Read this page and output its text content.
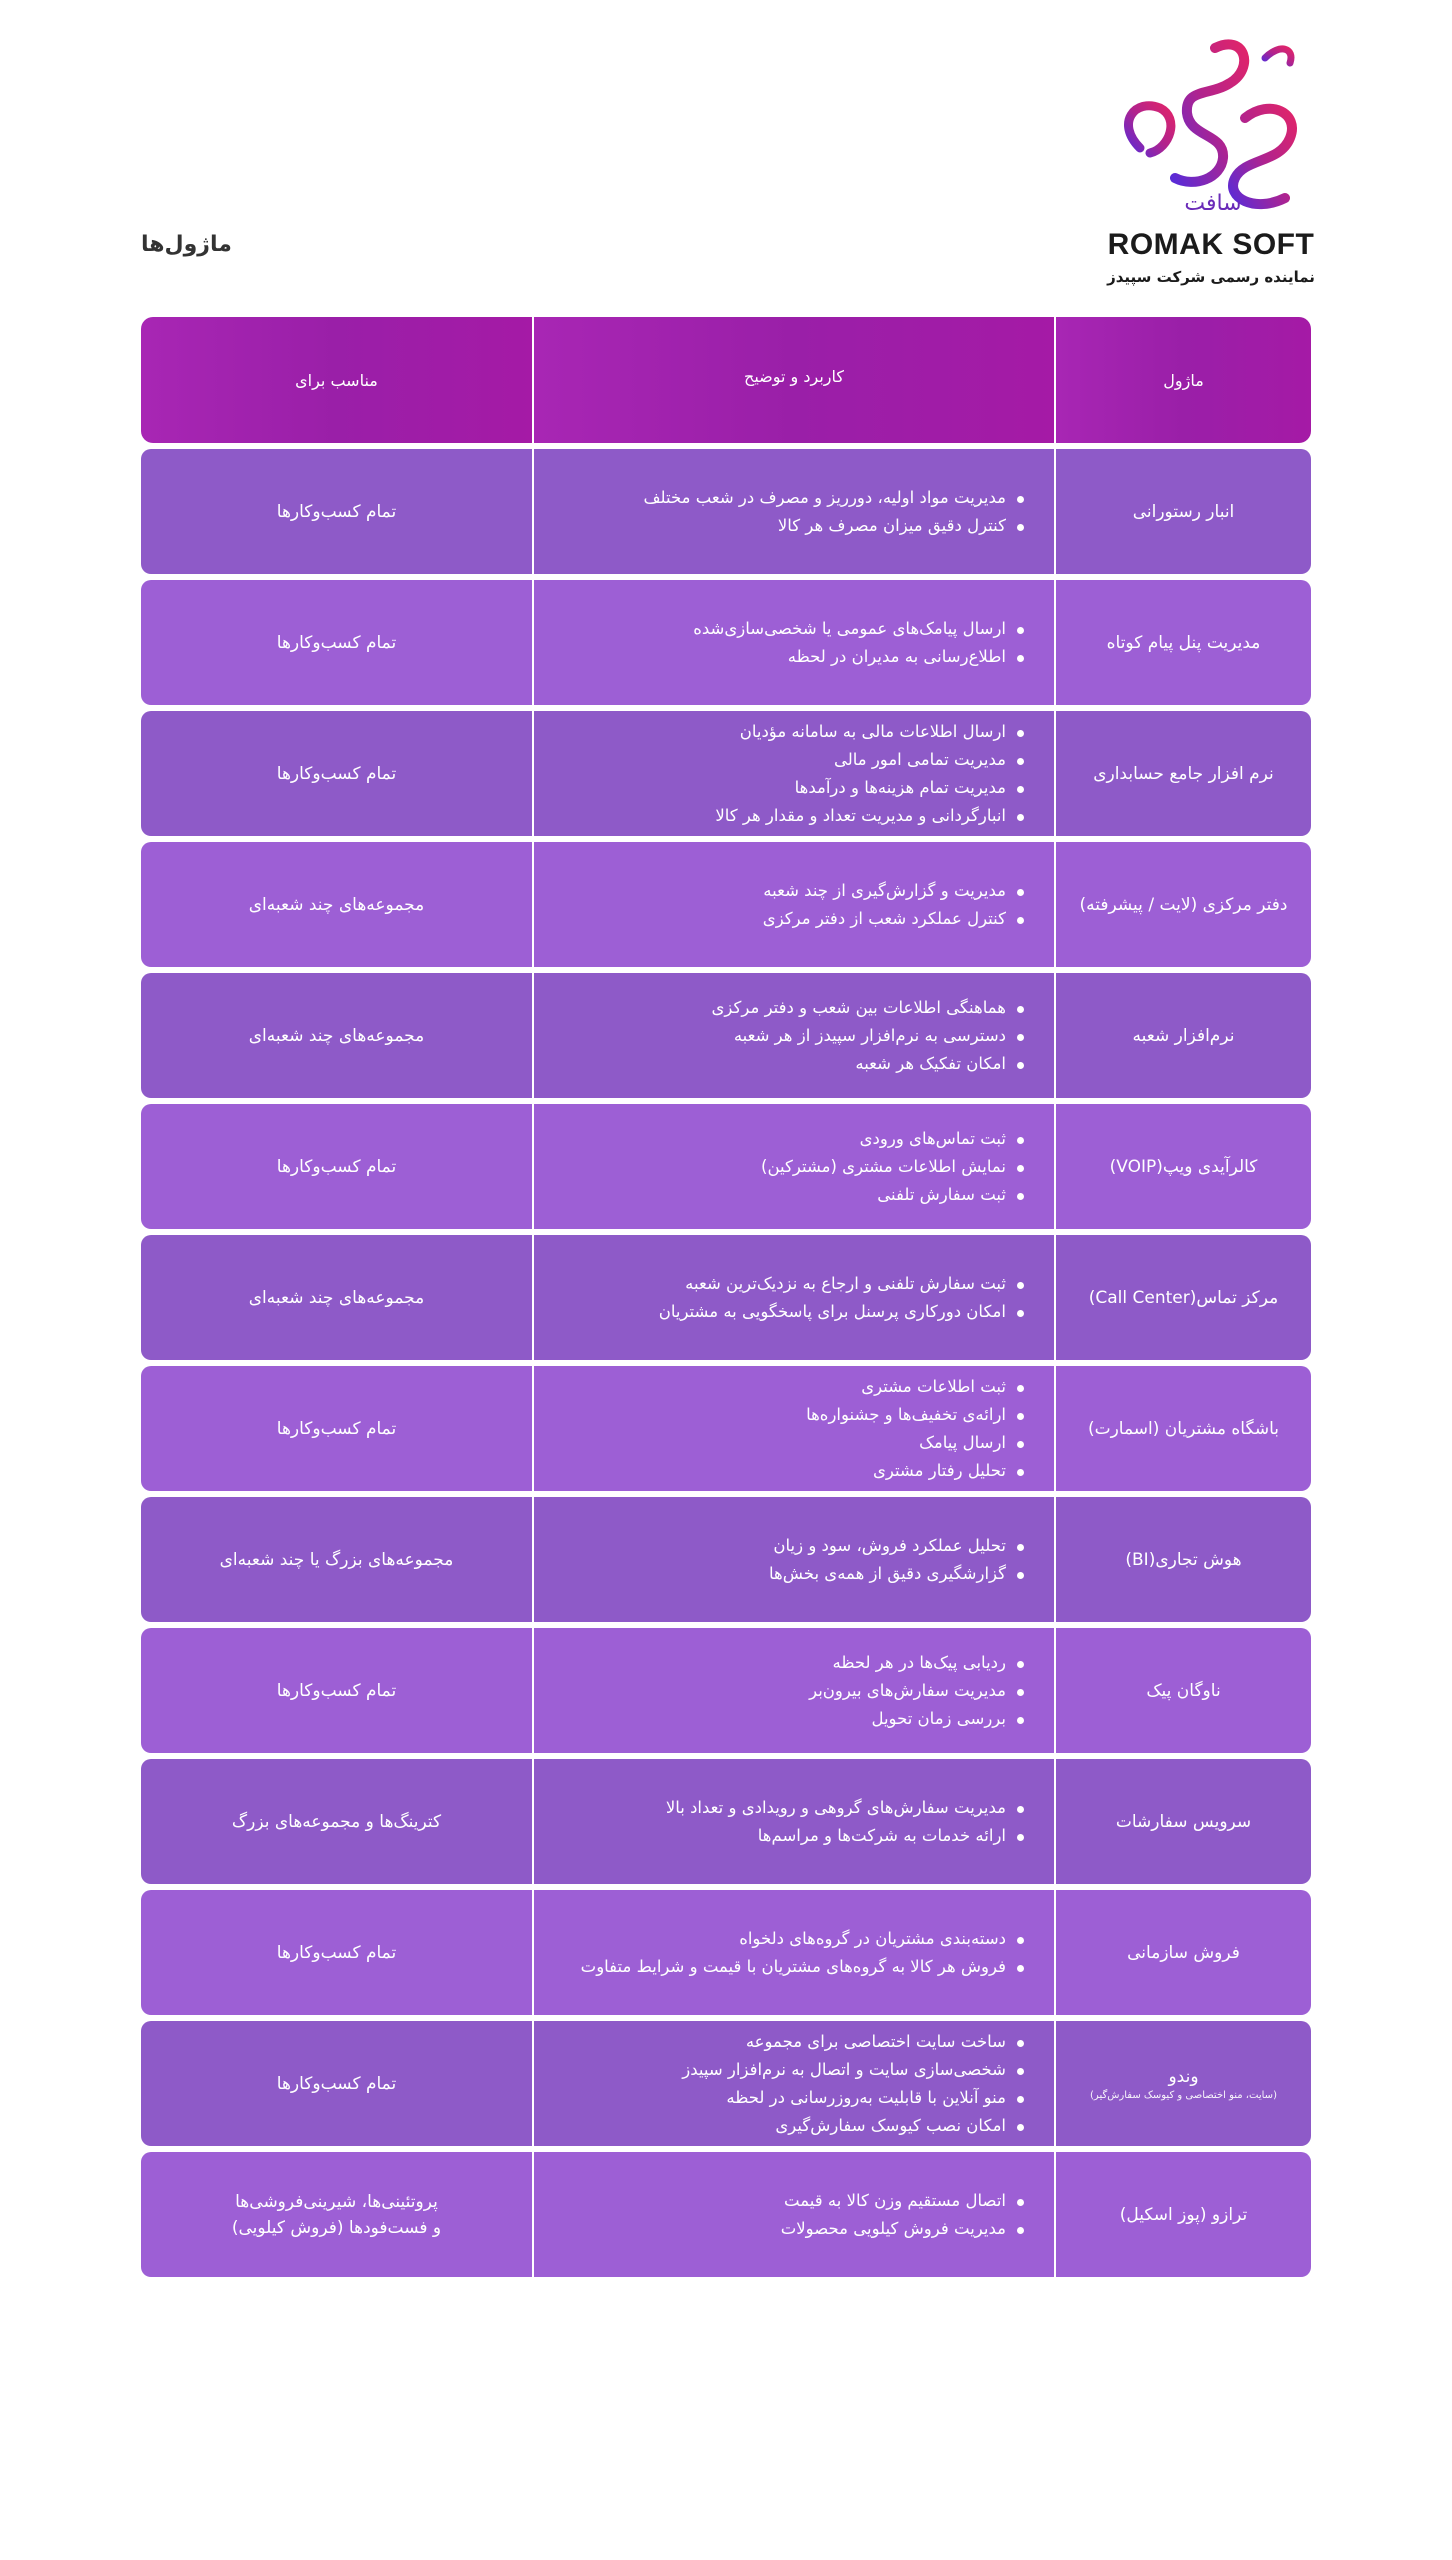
سافت
ROMAK SOFT
نماینده رسمی شرکت سپیدز
ماژول‌ها
مناسب برای	کاربرد و توضیح	ماژول
تمام کسب‌وکارها
مدیریت مواد اولیه، دورریز و مصرف در شعب مختلف
کنترل دقیق میزان مصرف هر کالا
انبار رستورانی
تمام کسب‌وکارها
ارسال پیامک‌های عمومی یا شخصی‌سازی‌شده
اطلاع‌رسانی به مدیران در لحظه
مدیریت پنل پیام کوتاه
تمام کسب‌وکارها
ارسال اطلاعات مالی به سامانه مؤدیان
مدیریت تمامی امور مالی
مدیریت تمام هزینه‌ها و درآمدها
انبارگردانی و مدیریت تعداد و مقدار هر کالا
نرم افزار جامع حسابداری
مجموعه‌های چند شعبه‌ای
مدیریت و گزارش‌گیری از چند شعبه
کنترل عملکرد شعب از دفتر مرکزی
دفتر مرکزی (لایت / پیشرفته)
مجموعه‌های چند شعبه‌ای
هماهنگی اطلاعات بین شعب و دفتر مرکزی
دسترسی به نرم‌افزار سپیدز از هر شعبه
امکان تفکیک هر شعبه
نرم‌افزار شعبه
تمام کسب‌وکارها
ثبت تماس‌های ورودی
نمایش اطلاعات مشتری (مشترکین)
ثبت سفارش تلفنی
کالرآیدی ویپ(VOIP)
مجموعه‌های چند شعبه‌ای
ثبت سفارش تلفنی و ارجاع به نزدیک‌ترین شعبه
امکان دورکاری پرسنل برای پاسخگویی به مشتریان
مرکز تماس(Call Center)
تمام کسب‌وکارها
ثبت اطلاعات مشتری
ارائه‌ی تخفیف‌ها و جشنواره‌ها
ارسال پیامک
تحلیل رفتار مشتری
باشگاه مشتریان (اسمارت)
مجموعه‌های بزرگ یا چند شعبه‌ای
تحلیل عملکرد فروش، سود و زیان
گزارشگیری دقیق از همه‌ی بخش‌ها
هوش تجاری(BI)
تمام کسب‌وکارها
ردیابی پیک‌ها در هر لحظه
مدیریت سفارش‌های بیرون‌بر
بررسی زمان تحویل
ناوگان پیک
کترینگ‌ها و مجموعه‌های بزرگ
مدیریت سفارش‌های گروهی و رویدادی و تعداد بالا
ارائه خدمات به شرکت‌ها و مراسم‌ها
سرویس سفارشات
تمام کسب‌وکارها
دسته‌بندی مشتریان در گروه‌های دلخواه
فروش هر کالا به گروه‌های مشتریان با قیمت و شرایط متفاوت
فروش سازمانی
تمام کسب‌وکارها
ساخت سایت اختصاصی برای مجموعه
شخصی‌سازی سایت و اتصال به نرم‌افزار سپیدز
منو آنلاین با قابلیت به‌روزرسانی در لحظه
امکان نصب کیوسک سفارش‌گیری
وندو
(سایت، منو اختصاصی و کیوسک سفارش‌گیر)
پروتئینی‌ها، شیرینی‌فروشی‌ها
و فست‌فودها (فروش کیلویی)
اتصال مستقیم وزن کالا به قیمت
مدیریت فروش کیلویی محصولات
ترازو (پوز اسکیل)
